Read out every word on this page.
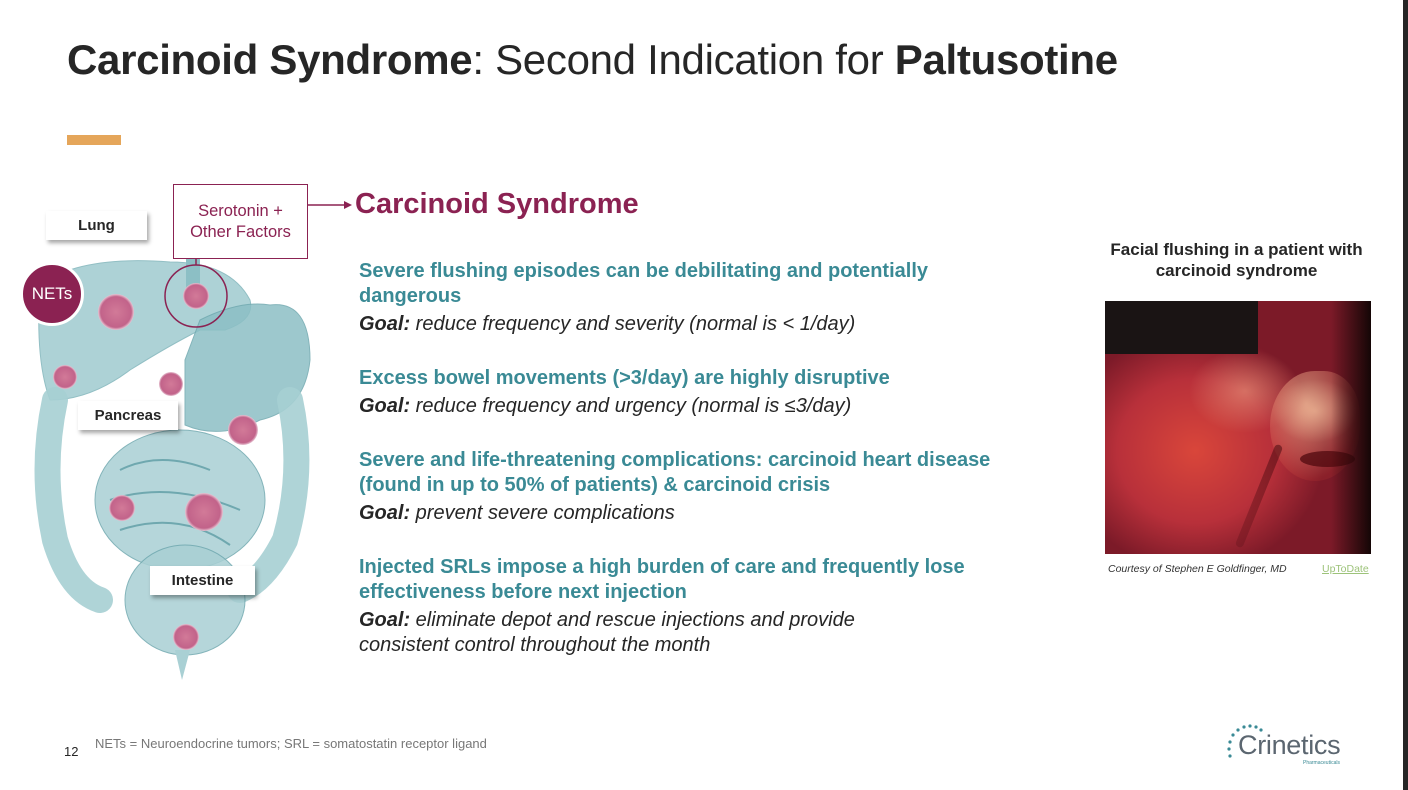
Carcinoid Syndrome: Second Indication for Paltusotine
Lung
Pancreas
Intestine
NETs
Serotonin + Other Factors
Carcinoid Syndrome
Severe flushing episodes can be debilitating and potentially dangerous
Goal: reduce frequency and severity (normal is < 1/day)
Excess bowel movements (>3/day) are highly disruptive
Goal: reduce frequency and urgency (normal is ≤3/day)
Severe and life-threatening complications: carcinoid heart disease (found in up to 50% of patients) & carcinoid crisis
Goal: prevent severe complications
Injected SRLs impose a high burden of care and frequently lose effectiveness before next injection
Goal: eliminate depot and rescue injections and provide consistent control throughout the month
Facial flushing in a patient with carcinoid syndrome
Courtesy of Stephen E Goldfinger, MD	UpToDate
12
NETs = Neuroendocrine tumors; SRL = somatostatin receptor ligand	Crinetics
Pharmaceuticals
